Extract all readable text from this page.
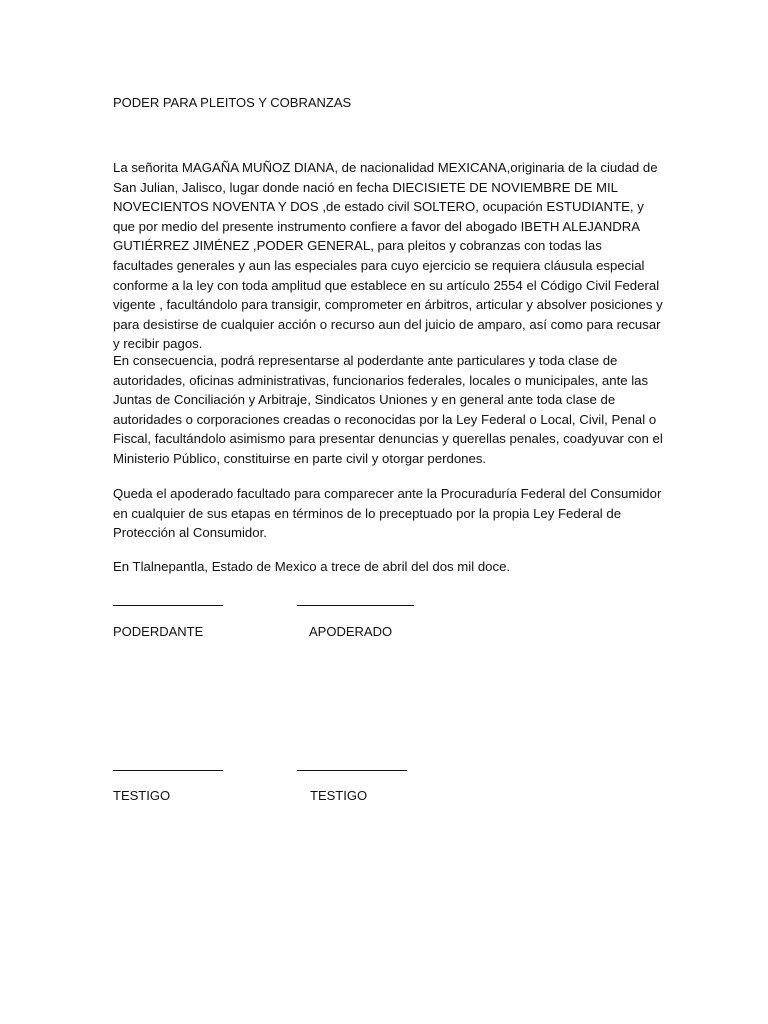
PODER PARA PLEITOS Y COBRANZAS

La señorita MAGAÑA MUÑOZ DIANA, de nacionalidad MEXICANA,originaria de la ciudad de San Julian, Jalisco, lugar donde nació en fecha DIECISIETE DE NOVIEMBRE DE MIL NOVECIENTOS NOVENTA Y DOS ,de estado civil SOLTERO, ocupación ESTUDIANTE, y que por medio del presente instrumento confiere a favor del abogado IBETH ALEJANDRA GUTIÉRREZ JIMÉNEZ ,PODER GENERAL, para pleitos y cobranzas con todas las facultades generales y aun las especiales para cuyo ejercicio se requiera cláusula especial conforme a la ley con toda amplitud que establece en su artículo 2554 el Código Civil Federal vigente , facultándolo para transigir, comprometer en árbitros, articular y absolver posiciones y para desistirse de cualquier acción o recurso aun del juicio de amparo, así como para recusar y recibir pagos.

En consecuencia, podrá representarse al poderdante ante particulares y toda clase de autoridades, oficinas administrativas, funcionarios federales, locales o municipales, ante las Juntas de Conciliación y Arbitraje, Sindicatos Uniones y en general ante toda clase de autoridades o corporaciones creadas o reconocidas por la Ley Federal o Local, Civil, Penal o Fiscal, facultándolo asimismo para presentar denuncias y querellas penales, coadyuvar con el Ministerio Público, constituirse en parte civil y otorgar perdones.

Queda el apoderado facultado para comparecer ante la Procuraduría Federal del Consumidor en cualquier de sus etapas en términos de lo preceptuado por la propia Ley Federal de Protección al Consumidor.

En Tlalnepantla, Estado de Mexico a trece de abril del dos mil doce.

PODERDANTE	APODERADO
TESTIGO	TESTIGO
